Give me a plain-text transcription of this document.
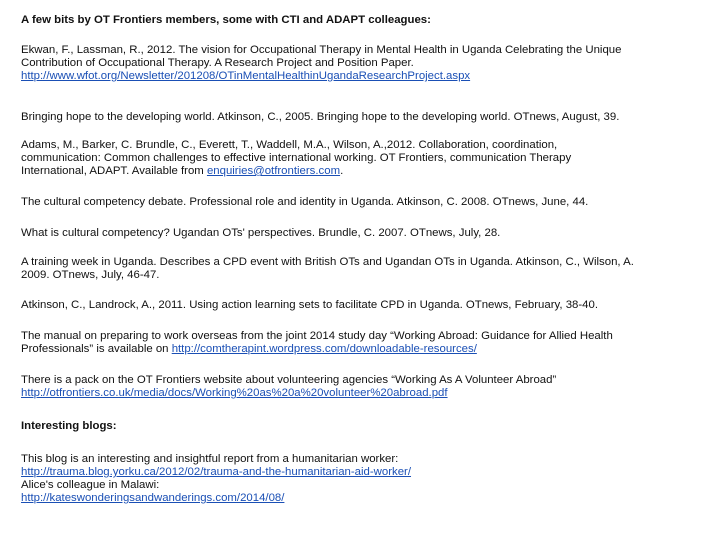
A few bits by OT Frontiers members, some with CTI and ADAPT colleagues:

Ekwan, F., Lassman, R., 2012. The vision for Occupational Therapy in Mental Health in Uganda Celebrating the Unique
Contribution of Occupational Therapy. A Research Project and Position Paper.
http://www.wfot.org/Newsletter/201208/OTinMentalHealthinUgandaResearchProject.aspx

Bringing hope to the developing world. Atkinson, C., 2005. Bringing hope to the developing world. OTnews, August, 39.

Adams, M., Barker, C. Brundle, C., Everett, T., Waddell, M.A., Wilson, A.,2012. Collaboration, coordination,
communication: Common challenges to effective international working. OT Frontiers, communication Therapy
International, ADAPT. Available from enquiries@otfrontiers.com.

The cultural competency debate. Professional role and identity in Uganda. Atkinson, C. 2008. OTnews, June, 44.

What is cultural competency? Ugandan OTs' perspectives. Brundle, C. 2007. OTnews, July, 28.

A training week in Uganda. Describes a CPD event with British OTs and Ugandan OTs in Uganda. Atkinson, C., Wilson, A.
2009. OTnews, July, 46-47.

Atkinson, C., Landrock, A., 2011. Using action learning sets to facilitate CPD in Uganda. OTnews, February, 38-40.

The manual on preparing to work overseas from the joint 2014 study day “Working Abroad: Guidance for Allied Health
Professionals” is available on http://comtherapint.wordpress.com/downloadable-resources/
There is a pack on the OT Frontiers website about volunteering agencies “Working As A Volunteer Abroad”
http://otfrontiers.co.uk/media/docs/Working%20as%20a%20volunteer%20abroad.pdf

Interesting blogs:

This blog is an interesting and insightful report from a humanitarian worker:
http://trauma.blog.yorku.ca/2012/02/trauma-and-the-humanitarian-aid-worker/
Alice's colleague in Malawi:
http://kateswonderingsandwanderings.com/2014/08/
